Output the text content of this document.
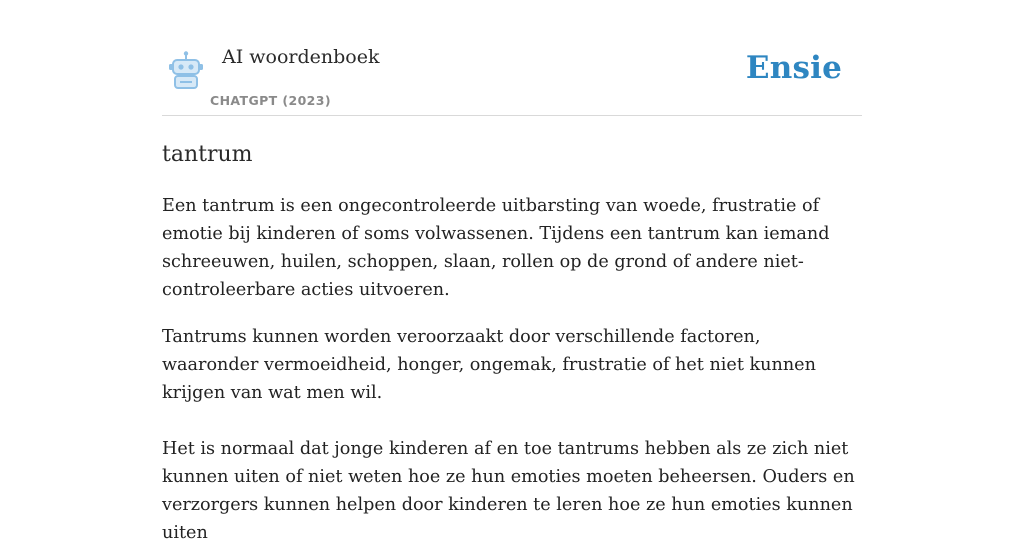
AI woordenboek
CHATGPT (2023)
Ensie
tantrum

Een tantrum is een ongecontroleerde uitbarsting van woede, frustratie of emotie bij kinderen of soms volwassenen. Tijdens een tantrum kan iemand schreeuwen, huilen, schoppen, slaan, rollen op de grond of andere niet-controleerbare acties uitvoeren.

Tantrums kunnen worden veroorzaakt door verschillende factoren, waaronder vermoeidheid, honger, ongemak, frustratie of het niet kunnen krijgen van wat men wil.

Het is normaal dat jonge kinderen af en toe tantrums hebben als ze zich niet kunnen uiten of niet weten hoe ze hun emoties moeten beheersen. Ouders en verzorgers kunnen helpen door kinderen te leren hoe ze hun emoties kunnen uiten
